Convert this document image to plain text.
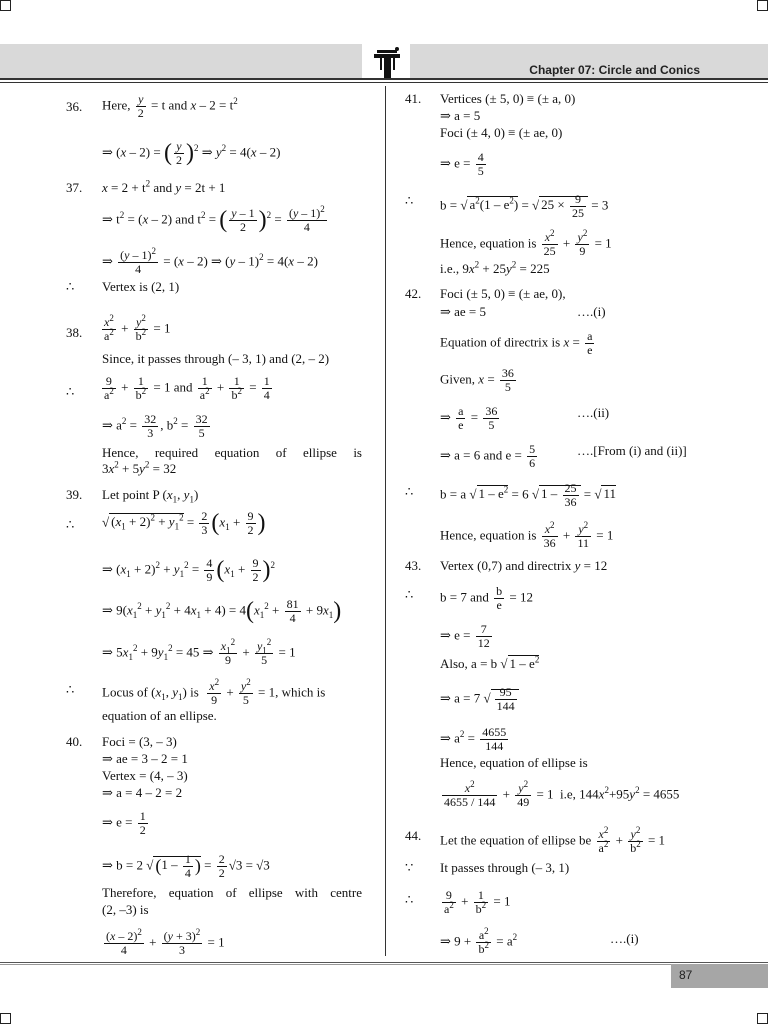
Chapter 07: Circle and Conics
36. Here, $\frac{y}{2} = t$ and $x - 2 = t^2$
⇒ (x – 2) = ( $\frac{y}{2} )^2$ ⇒ $y^2 = 4(x - 2)$
37. $x = 2 + t^2$ and y = 2t + 1
⇒ $t^2 = (x - 2)$ and $t^2$ = ( $\frac{y - 1}{2} )^2 = \frac{(y - 1)^2}{4}$
⇒ $\frac{(y - 1)^2}{4} = (x - 2)$ ⇒ (y – 1)$^2$ = 4(x – 2)
∴ Vertex is (2, 1)
38. $\frac{x^2}{a^2} + \frac{y^2}{b^2} = 1$
Since, it passes through (– 3, 1) and (2, – 2)
∴ $\frac{9}{a^2} + \frac{1}{b^2} = 1$ and $\frac{1}{a^2} + \frac{1}{b^2} = \frac{1}{4}$
⇒ $a^2 = \frac{32}{3}$ , $b^2 = \frac{32}{5}$
Hence, required equation of ellipse is
$3x^2 + 5y^2 = 32$
39. Let point P ($x_1$, $y_1$)
∴ √ $(x_1 + 2)^2 + y_1^2 = \frac{2}{3} (x_1 + \frac{9}{2}$ )
⇒ $(x_1 + 2)^2 + y_1^2 = \frac{4}{9} (x_1 + \frac{9}{2} )^2$
⇒ $9(x_1^2 + y_1^2 + 4x_1 + 4) = 4(x_1^2 + \frac{81}{4} + 9x_1)$
⇒ $5x_1^2 + 9y_1^2 = 45$ ⇒ $\frac{x_1^2}{9} + \frac{y_1^2}{5} = 1$
∴ Locus of ($x_1$, $y_1$) is $\frac{x^2}{9} + \frac{y^2}{5} = 1$, which is
equation of an ellipse.
40. Foci = (3, – 3)
⇒ ae = 3 – 2 = 1
Vertex = (4, – 3)
⇒ a = 4 – 2 = 2
⇒ $e = \frac{1}{2}$
⇒ b = 2 √ ($1 - \frac{1}{4}$ ) = $\frac{2}{2} √3 = √3$
Therefore, equation of ellipse with centre
(2, –3) is
$\frac{(x - 2)^2}{4} + \frac{(y + 3)^2}{3} = 1$
41. Vertices (± 5, 0) ≡ (± a, 0)
⇒ a = 5
Foci (± 4, 0) ≡ (± ae, 0)
⇒ $e = \frac{4}{5}$
∴ b = √ $a^2(1 - e^2)$ = √ $25 \times \frac{9}{25} = 3$
Hence, equation is $\frac{x^2}{25} + \frac{y^2}{9} = 1$
i.e., $9x^2 + 25y^2 = 225$
42. Foci (± 5, 0) ≡ (± ae, 0),
⇒ ae = 5	….(i)
Equation of directrix is $x = \frac{a}{e}$
Given, $x = \frac{36}{5}$
⇒ $\frac{a}{e} = \frac{36}{5}$	….(ii)
⇒ a = 6 and $e = \frac{5}{6}$	….[From (i) and (ii)]
∴ b = a √ $1 - e^2 = 6$ √ $1 - \frac{25}{36}$ = √ 11
Hence, equation is $\frac{x^2}{36} + \frac{y^2}{11} = 1$
43. Vertex (0,7) and directrix y = 12
∴ b = 7 and $\frac{b}{e} = 12$
⇒ $e = \frac{7}{12}$
Also, a = b √ $1 - e^2$
⇒ a = 7 √ $\frac{95}{144}$
⇒ $a^2 = \frac{4655}{144}$
Hence, equation of ellipse is
$\frac{x^2}{4655 / 144} + \frac{y^2}{49} = 1$  i.e, $144x^2+95y^2 = 4655$
44. Let the equation of ellipse be $\frac{x^2}{a^2} + \frac{y^2}{b^2} = 1$
∵ It passes through (– 3, 1)
∴ $\frac{9}{a^2} + \frac{1}{b^2} = 1$
⇒ $9 + \frac{a^2}{b^2} = a^2$	….(i)
87
